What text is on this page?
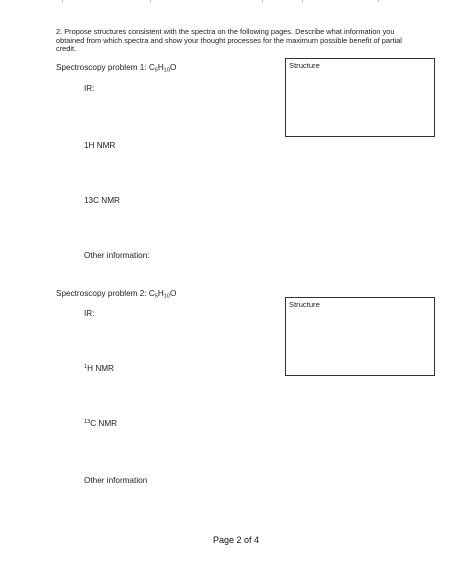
2. Propose structures consistent with the spectra on the following pages. Describe what information you obtained from which spectra and show your thought processes for the maximum possible benefit of partial credit.
Spectroscopy problem 1: $C_5H_{10}O$	Structure
IR:
1H NMR
13C NMR
Other information:
Spectroscopy problem 2: $C_5H_{10}O$
Structure
IR:
$^1$H NMR
$^{13}$C NMR
Other information
Page 2 of 4
